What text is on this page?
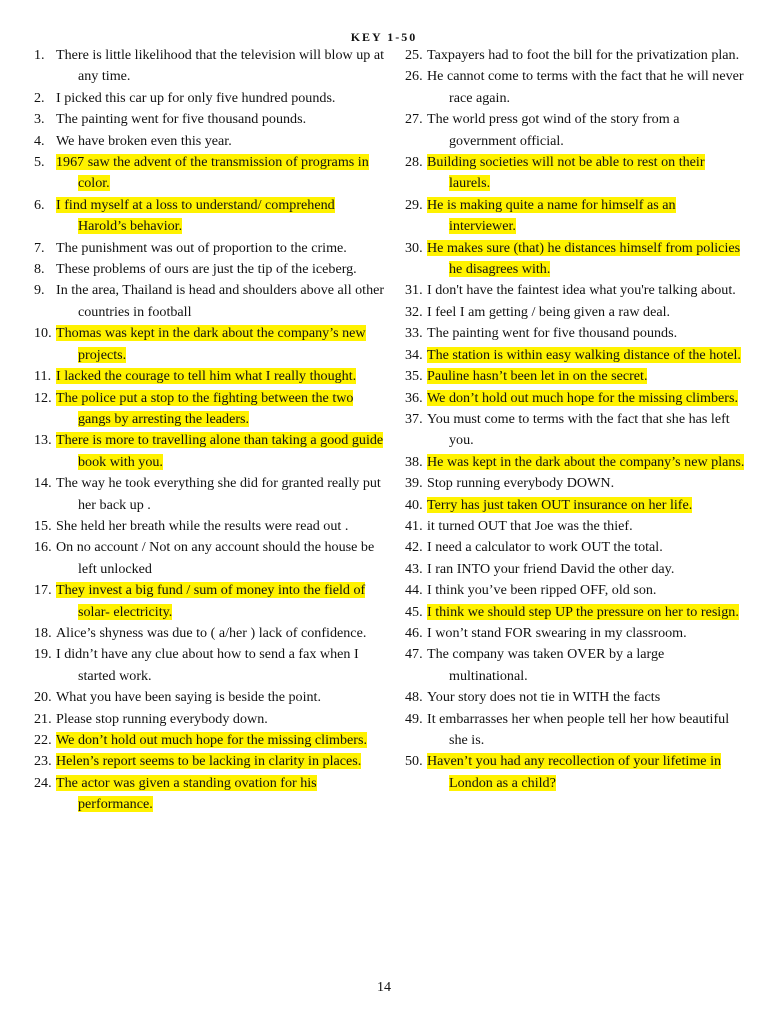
KEY 1-50

1. There is little likelihood that the television will blow up at any time.

2. I picked this car up for only five hundred pounds.

3. The painting went for five thousand pounds.

4. We have broken even this year.

5. 1967 saw the advent of the transmission of programs in color.

6. I find myself at a loss to understand/ comprehend Harold’s behavior.

7. The punishment was out of proportion to the crime.

8. These problems of ours are just the tip of the iceberg.

9. In the area, Thailand is head and shoulders above all other countries in football

10. Thomas was kept in the dark about the company’s new projects.

11. I lacked the courage to tell him what I really thought.

12. The police put a stop to the fighting between the two gangs by arresting the leaders.

13. There is more to travelling alone than taking a good guide book with you.

14. The way he took everything she did for granted really put her back up .

15. She held her breath while the results were read out .

16. On no account / Not on any account should the house be left unlocked

17. They invest a big fund / sum of money into the field of solar- electricity.

18. Alice’s shyness was due to ( a/her ) lack of confidence.

19. I didn’t have any clue about how to send a fax when I started work.

20. What you have been saying is beside the point.

21. Please stop running everybody down.

22. We don’t hold out much hope for the missing climbers.

23. Helen’s report seems to be lacking in clarity in places.

24. The actor was given a standing ovation for his performance.

25. Taxpayers had to foot the bill for the privatization plan.

26. He cannot come to terms with the fact that he will never race again.

27. The world press got wind of the story from a government official.

28. Building societies will not be able to rest on their laurels.

29. He is making quite a name for himself as an interviewer.

30. He makes sure (that) he distances himself from policies he disagrees with.

31. I don't have the faintest idea what you're talking about.

32. I feel I am getting / being given a raw deal.

33. The painting went for five thousand pounds.

34. The station is within easy walking distance of the hotel.

35. Pauline hasn’t been let in on the secret.

36. We don’t hold out much hope for the missing climbers.

37. You must come to terms with the fact that she has left you.

38. He was kept in the dark about the company’s new plans.

39. Stop running everybody DOWN.

40. Terry has just taken OUT insurance on her life.

41. it turned OUT that Joe was the thief.

42. I need a calculator to work OUT the total.

43. I ran INTO your friend David the other day.

44. I think you’ve been ripped OFF, old son.

45. I think we should step UP the pressure on her to resign.

46. I won’t stand FOR swearing in my classroom.

47. The company was taken OVER by a large multinational.

48. Your story does not tie in WITH the facts

49. It embarrasses her when people tell her how beautiful she is.

50. Haven’t you had any recollection of your lifetime in London as a child?

14
